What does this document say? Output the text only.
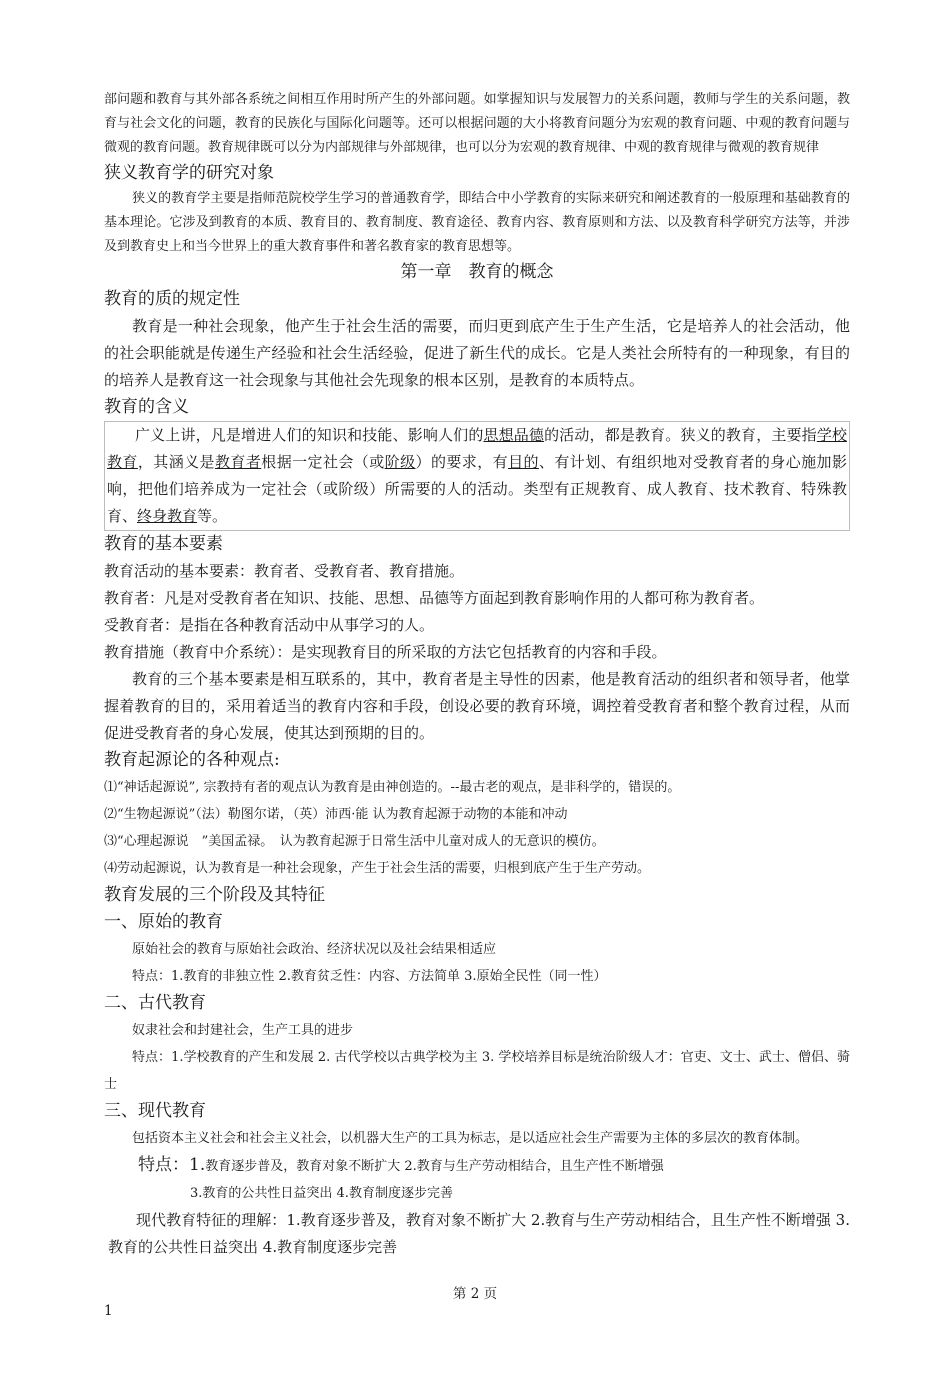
部问题和教育与其外部各系统之间相互作用时所产生的外部问题。如掌握知识与发展智力的关系问题，教师与学生的关系问题，教育与社会文化的问题，教育的民族化与国际化问题等。还可以根据问题的大小将教育问题分为宏观的教育问题、中观的教育问题与微观的教育问题。教育规律既可以分为内部规律与外部规律，也可以分为宏观的教育规律、中观的教育规律与微观的教育规律

狭义教育学的研究对象

狭义的教育学主要是指师范院校学生学习的普通教育学，即结合中小学教育的实际来研究和阐述教育的一般原理和基础教育的基本理论。它涉及到教育的本质、教育目的、教育制度、教育途径、教育内容、教育原则和方法、以及教育科学研究方法等，并涉及到教育史上和当今世界上的重大教育事件和著名教育家的教育思想等。

第一章　教育的概念

教育的质的规定性

教育是一种社会现象，他产生于社会生活的需要，而归更到底产生于生产生活，它是培养人的社会活动，他的社会职能就是传递生产经验和社会生活经验，促进了新生代的成长。它是人类社会所特有的一种现象，有目的的培养人是教育这一社会现象与其他社会先现象的根本区别，是教育的本质特点。

教育的含义

广义上讲，凡是增进人们的知识和技能、影响人们的思想品德的活动，都是教育。狭义的教育，主要指学校教育，其涵义是教育者根据一定社会（或阶级）的要求，有目的、有计划、有组织地对受教育者的身心施加影响，把他们培养成为一定社会（或阶级）所需要的人的活动。类型有正规教育、成人教育、技术教育、特殊教育、终身教育等。

教育的基本要素

教育活动的基本要素：教育者、受教育者、教育措施。

教育者：凡是对受教育者在知识、技能、思想、品德等方面起到教育影响作用的人都可称为教育者。

受教育者：是指在各种教育活动中从事学习的人。

教育措施（教育中介系统）：是实现教育目的所采取的方法它包括教育的内容和手段。

教育的三个基本要素是相互联系的，其中，教育者是主导性的因素，他是教育活动的组织者和领导者，他掌握着教育的目的，采用着适当的教育内容和手段，创设必要的教育环境，调控着受教育者和整个教育过程，从而促进受教育者的身心发展，使其达到预期的目的。

教育起源论的各种观点:

⑴“神话起源说”, 宗教持有者的观点认为教育是由神创造的。--最古老的观点，是非科学的，错误的。

⑵“生物起源说”（法）勒图尔诺，（英）沛西·能 认为教育起源于动物的本能和冲动

⑶“心理起源说　”美国孟禄。　认为教育起源于日常生活中儿童对成人的无意识的模仿。

⑷劳动起源说，认为教育是一种社会现象，产生于社会生活的需要，归根到底产生于生产劳动。

教育发展的三个阶段及其特征

一、原始的教育

原始社会的教育与原始社会政治、经济状况以及社会结果相适应

特点：1.教育的非独立性 2.教育贫乏性：内容、方法简单 3.原始全民性（同一性）

二、古代教育

奴隶社会和封建社会，生产工具的进步

特点：1.学校教育的产生和发展 2. 古代学校以古典学校为主 3. 学校培养目标是统治阶级人才：官吏、文士、武士、僧侣、骑士

三、现代教育

包括资本主义社会和社会主义社会，以机器大生产的工具为标志，是以适应社会生产需要为主体的多层次的教育体制。

特点：1.教育逐步普及，教育对象不断扩大 2.教育与生产劳动相结合，且生产性不断增强

3.教育的公共性日益突出 4.教育制度逐步完善

现代教育特征的理解：1.教育逐步普及，教育对象不断扩大 2.教育与生产劳动相结合，且生产性不断增强 3.教育的公共性日益突出 4.教育制度逐步完善

第 2 页
1
